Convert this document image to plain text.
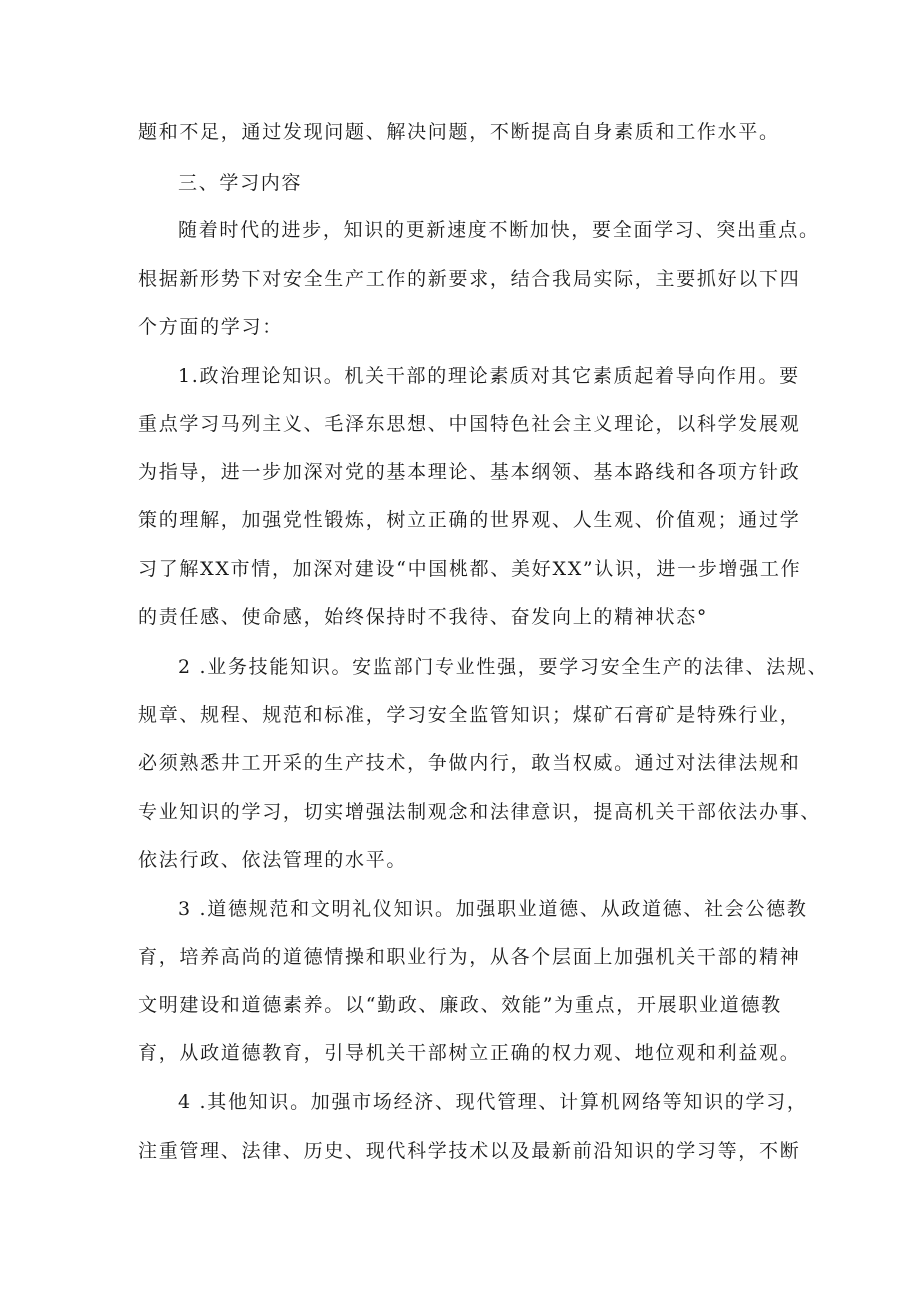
题和不足，通过发现问题、解决问题，不断提高自身素质和工作水平。
三、学习内容
随着时代的进步，知识的更新速度不断加快，要全面学习、突出重点。
根据新形势下对安全生产工作的新要求，结合我局实际，主要抓好以下四
个方面的学习：
1.政治理论知识。机关干部的理论素质对其它素质起着导向作用。要
重点学习马列主义、毛泽东思想、中国特色社会主义理论，以科学发展观
为指导，进一步加深对党的基本理论、基本纲领、基本路线和各项方针政
策的理解，加强党性锻炼，树立正确的世界观、人生观、价值观；通过学
习了解XX市情，加深对建设“中国桃都、美好XX”认识，进一步增强工作
的责任感、使命感，始终保持时不我待、奋发向上的精神状态°
2 .业务技能知识。安监部门专业性强，要学习安全生产的法律、法规、
规章、规程、规范和标准，学习安全监管知识；煤矿石膏矿是特殊行业，
必须熟悉井工开采的生产技术，争做内行，敢当权威。通过对法律法规和
专业知识的学习，切实增强法制观念和法律意识，提高机关干部依法办事、
依法行政、依法管理的水平。
3 .道德规范和文明礼仪知识。加强职业道德、从政道德、社会公德教
育，培养高尚的道德情操和职业行为，从各个层面上加强机关干部的精神
文明建设和道德素养。以“勤政、廉政、效能”为重点，开展职业道德教
育，从政道德教育，引导机关干部树立正确的权力观、地位观和利益观。
4 .其他知识。加强市场经济、现代管理、计算机网络等知识的学习，
注重管理、法律、历史、现代科学技术以及最新前沿知识的学习等，不断
